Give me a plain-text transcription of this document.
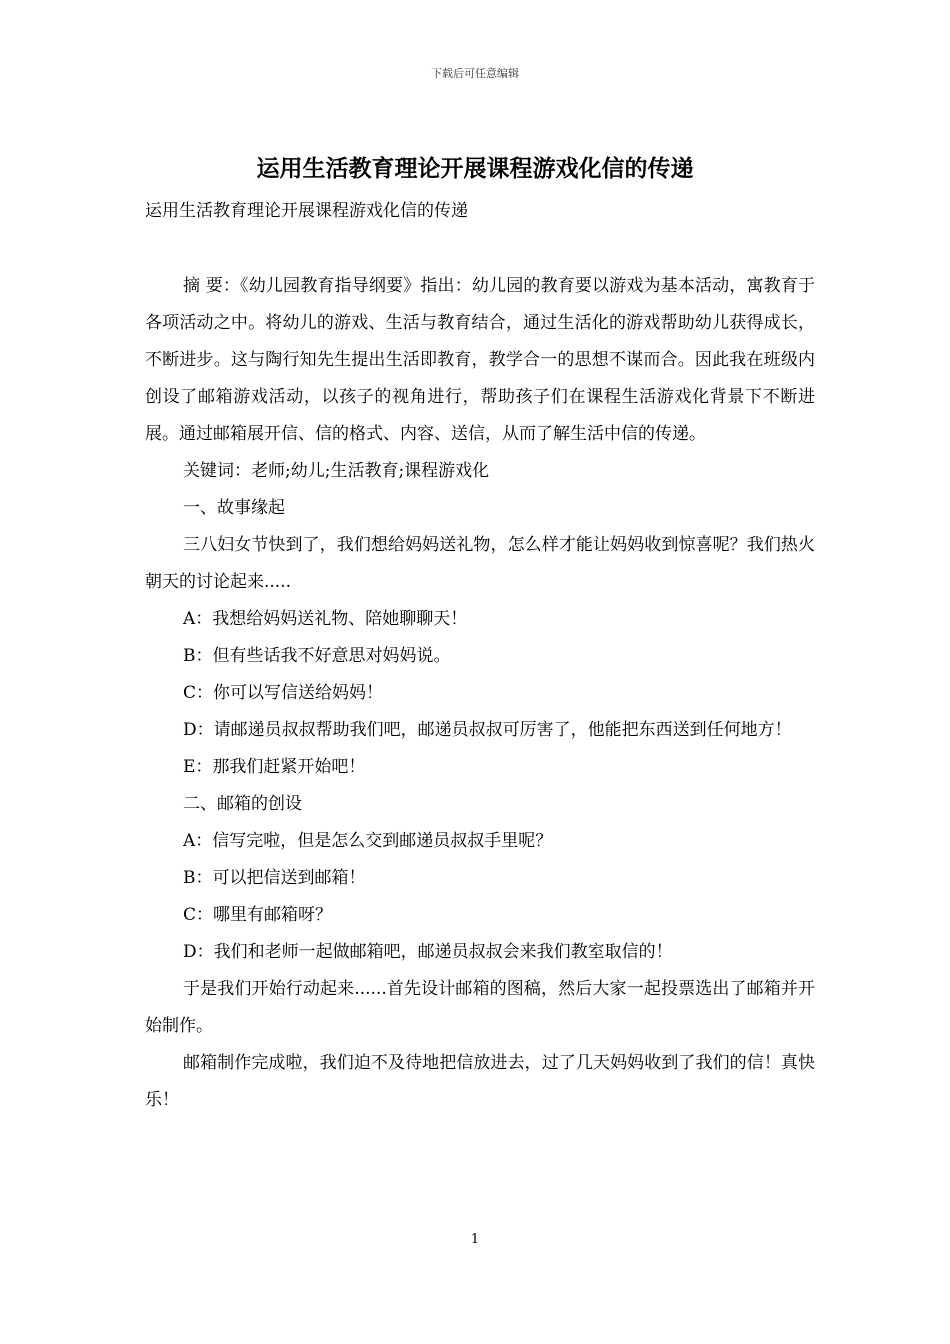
下载后可任意编辑
运用生活教育理论开展课程游戏化信的传递

运用生活教育理论开展课程游戏化信的传递

摘 要：《幼儿园教育指导纲要》指出：幼儿园的教育要以游戏为基本活动，寓教育于各项活动之中。将幼儿的游戏、生活与教育结合，通过生活化的游戏帮助幼儿获得成长，不断进步。这与陶行知先生提出生活即教育，教学合一的思想不谋而合。因此我在班级内创设了邮箱游戏活动，以孩子的视角进行，帮助孩子们在课程生活游戏化背景下不断进展。通过邮箱展开信、信的格式、内容、送信，从而了解生活中信的传递。

关键词：老师;幼儿;生活教育;课程游戏化

一、故事缘起

三八妇女节快到了，我们想给妈妈送礼物，怎么样才能让妈妈收到惊喜呢？我们热火朝天的讨论起来.....

A：我想给妈妈送礼物、陪她聊聊天！

B：但有些话我不好意思对妈妈说。

C：你可以写信送给妈妈！

D：请邮递员叔叔帮助我们吧，邮递员叔叔可厉害了，他能把东西送到任何地方！

E：那我们赶紧开始吧！

二、邮箱的创设

A：信写完啦，但是怎么交到邮递员叔叔手里呢？

B：可以把信送到邮箱！

C：哪里有邮箱呀？

D：我们和老师一起做邮箱吧，邮递员叔叔会来我们教室取信的！

于是我们开始行动起来......首先设计邮箱的图稿，然后大家一起投票选出了邮箱并开始制作。

邮箱制作完成啦，我们迫不及待地把信放进去，过了几天妈妈收到了我们的信！真快乐！

1
